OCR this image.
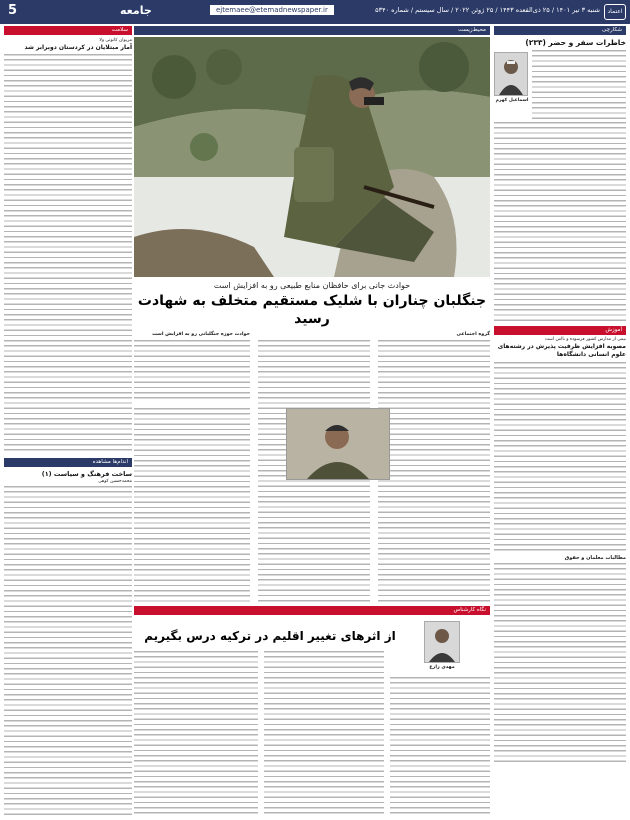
اعتماد
شنبه ۳ تیر ۱۴۰۱ / ۲۵ ذی‌القعده ۱۴۴۳ / ۲۵ ژوئن ۲۰۲۲ / سال سیستم / شماره ۵۳۴۰
ejtemaee@etemadnewspaper.ir
جامعه
5
شکارچی
خاطرات سفر و حضر (۲۳۳)
اسماعیل کهرم
آموزش
نیمی از مدارس کشور فرسوده و ناامن است
مصوبه افزایش ظرفیت پذیرش در رشته‌های علوم انسانی دانشگاه‌ها
مطالبات معلمان و حقوق
محیط‌زیست
حوادث جانی برای حافظان منابع طبیعی رو به افزایش است
جنگلبان چناران با شلیک مستقیم متخلف به شهادت رسید
حوادث حوزه جنگلبانی رو به افزایش است	گروه اجتماعی
نگاه کارشناس
مهدی زارع
از اثرهای تغییر اقلیم در ترکیه درس بگیریم
سلامت
مریوان کانونی ولا
آمار مبتلایان در کردستان دوبرابر شد
اندام‌ها مشاهده
ساخت فرهنگ و سیاست (۱)
محمدحسین کوهی
